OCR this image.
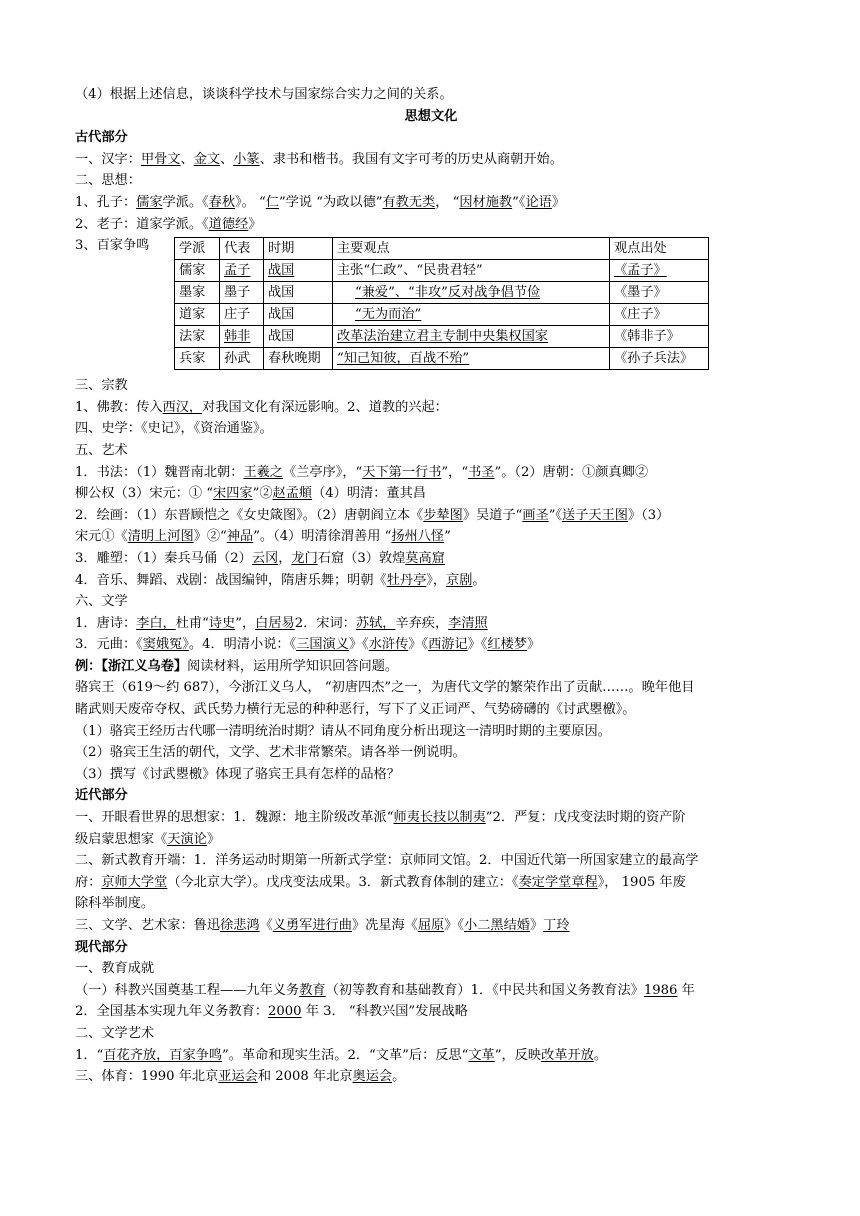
（4）根据上述信息，谈谈科学技术与国家综合实力之间的关系。
思想文化
古代部分
一、汉字：甲骨文、金文、小篆、隶书和楷书。我国有文字可考的历史从商朝开始。
二、思想：
1、孔子：儒家学派。《春秋》。 “仁”学说 “为政以德”有教无类， “因材施教”《论语》
2、老子：道家学派。《道德经》
3、百家争鸣 学派	代表	时期	主要观点	观点出处
儒家	孟子	战国	主张“仁政”、“民贵君轻”	《孟子》
墨家	墨子	战国	“兼爱”、“非攻”反对战争倡节俭	《墨子》
道家	庄子	战国	“无为而治”	《庄子》
法家	韩非	战国	改革法治建立君主专制中央集权国家	《韩非子》
兵家	孙武	春秋晚期	“知己知彼，百战不殆”	《孙子兵法》
三、宗教
1、佛教：传入西汉，对我国文化有深远影响。2、道教的兴起：
四、史学：《史记》，《资治通鉴》。
五、艺术
1．书法：（1）魏晋南北朝：王羲之《兰亭序》，“天下第一行书”，“书圣”。（2）唐朝：①颜真卿②
柳公权（3）宋元：① “宋四家”②赵孟頫（4）明清：董其昌
2．绘画：（1）东晋顾恺之《女史箴图》。（2）唐朝阎立本《步辇图》吴道子“画圣”《送子天王图》（3）
宋元①《清明上河图》②“神品”。（4）明清徐渭善用 “扬州八怪”
3．雕塑：（1）秦兵马俑（2）云冈，龙门石窟（3）敦煌莫高窟
4．音乐、舞蹈、戏剧：战国编钟，隋唐乐舞；明朝《牡丹亭》，京剧。
六、文学
1．唐诗：李白，杜甫“诗史”，白居易2．宋词：苏轼，辛弃疾，李清照
3．元曲：《窦娥冤》。4．明清小说：《三国演义》《水浒传》《西游记》《红楼梦》
例：【浙江义乌卷】阅读材料，运用所学知识回答问题。
骆宾王（619～约 687），今浙江义乌人， “初唐四杰”之一，为唐代文学的繁荣作出了贡献……。晚年他目
睹武则天废帝夺权、武氏势力横行无忌的种种恶行，写下了义正词严、气势磅礴的《讨武瞾檄》。
（1）骆宾王经历古代哪一清明统治时期？请从不同角度分析出现这一清明时期的主要原因。
（2）骆宾王生活的朝代，文学、艺术非常繁荣。请各举一例说明。
（3）撰写《讨武瞾檄》体现了骆宾王具有怎样的品格？
近代部分
一、开眼看世界的思想家：1．魏源：地主阶级改革派“师夷长技以制夷”2．严复：戊戌变法时期的资产阶
级启蒙思想家《天演论》
二、新式教育开端：1．洋务运动时期第一所新式学堂：京师同文馆。2．中国近代第一所国家建立的最高学
府：京师大学堂（今北京大学）。戊戌变法成果。3．新式教育体制的建立：《奏定学堂章程》， 1905 年废
除科举制度。
三、文学、艺术家：鲁迅徐悲鸿《义勇军进行曲》冼星海《屈原》《小二黑结婚》丁玲
现代部分
一、教育成就
（一）科教兴国奠基工程——九年义务教育（初等教育和基础教育）1．《中民共和国义务教育法》1986 年
2．全国基本实现九年义务教育：2000 年 3． “科教兴国”发展战略
二、文学艺术
1．“百花齐放，百家争鸣”。革命和现实生活。2．“文革”后：反思“文革”，反映改革开放。
三、体育：1990 年北京亚运会和 2008 年北京奥运会。
